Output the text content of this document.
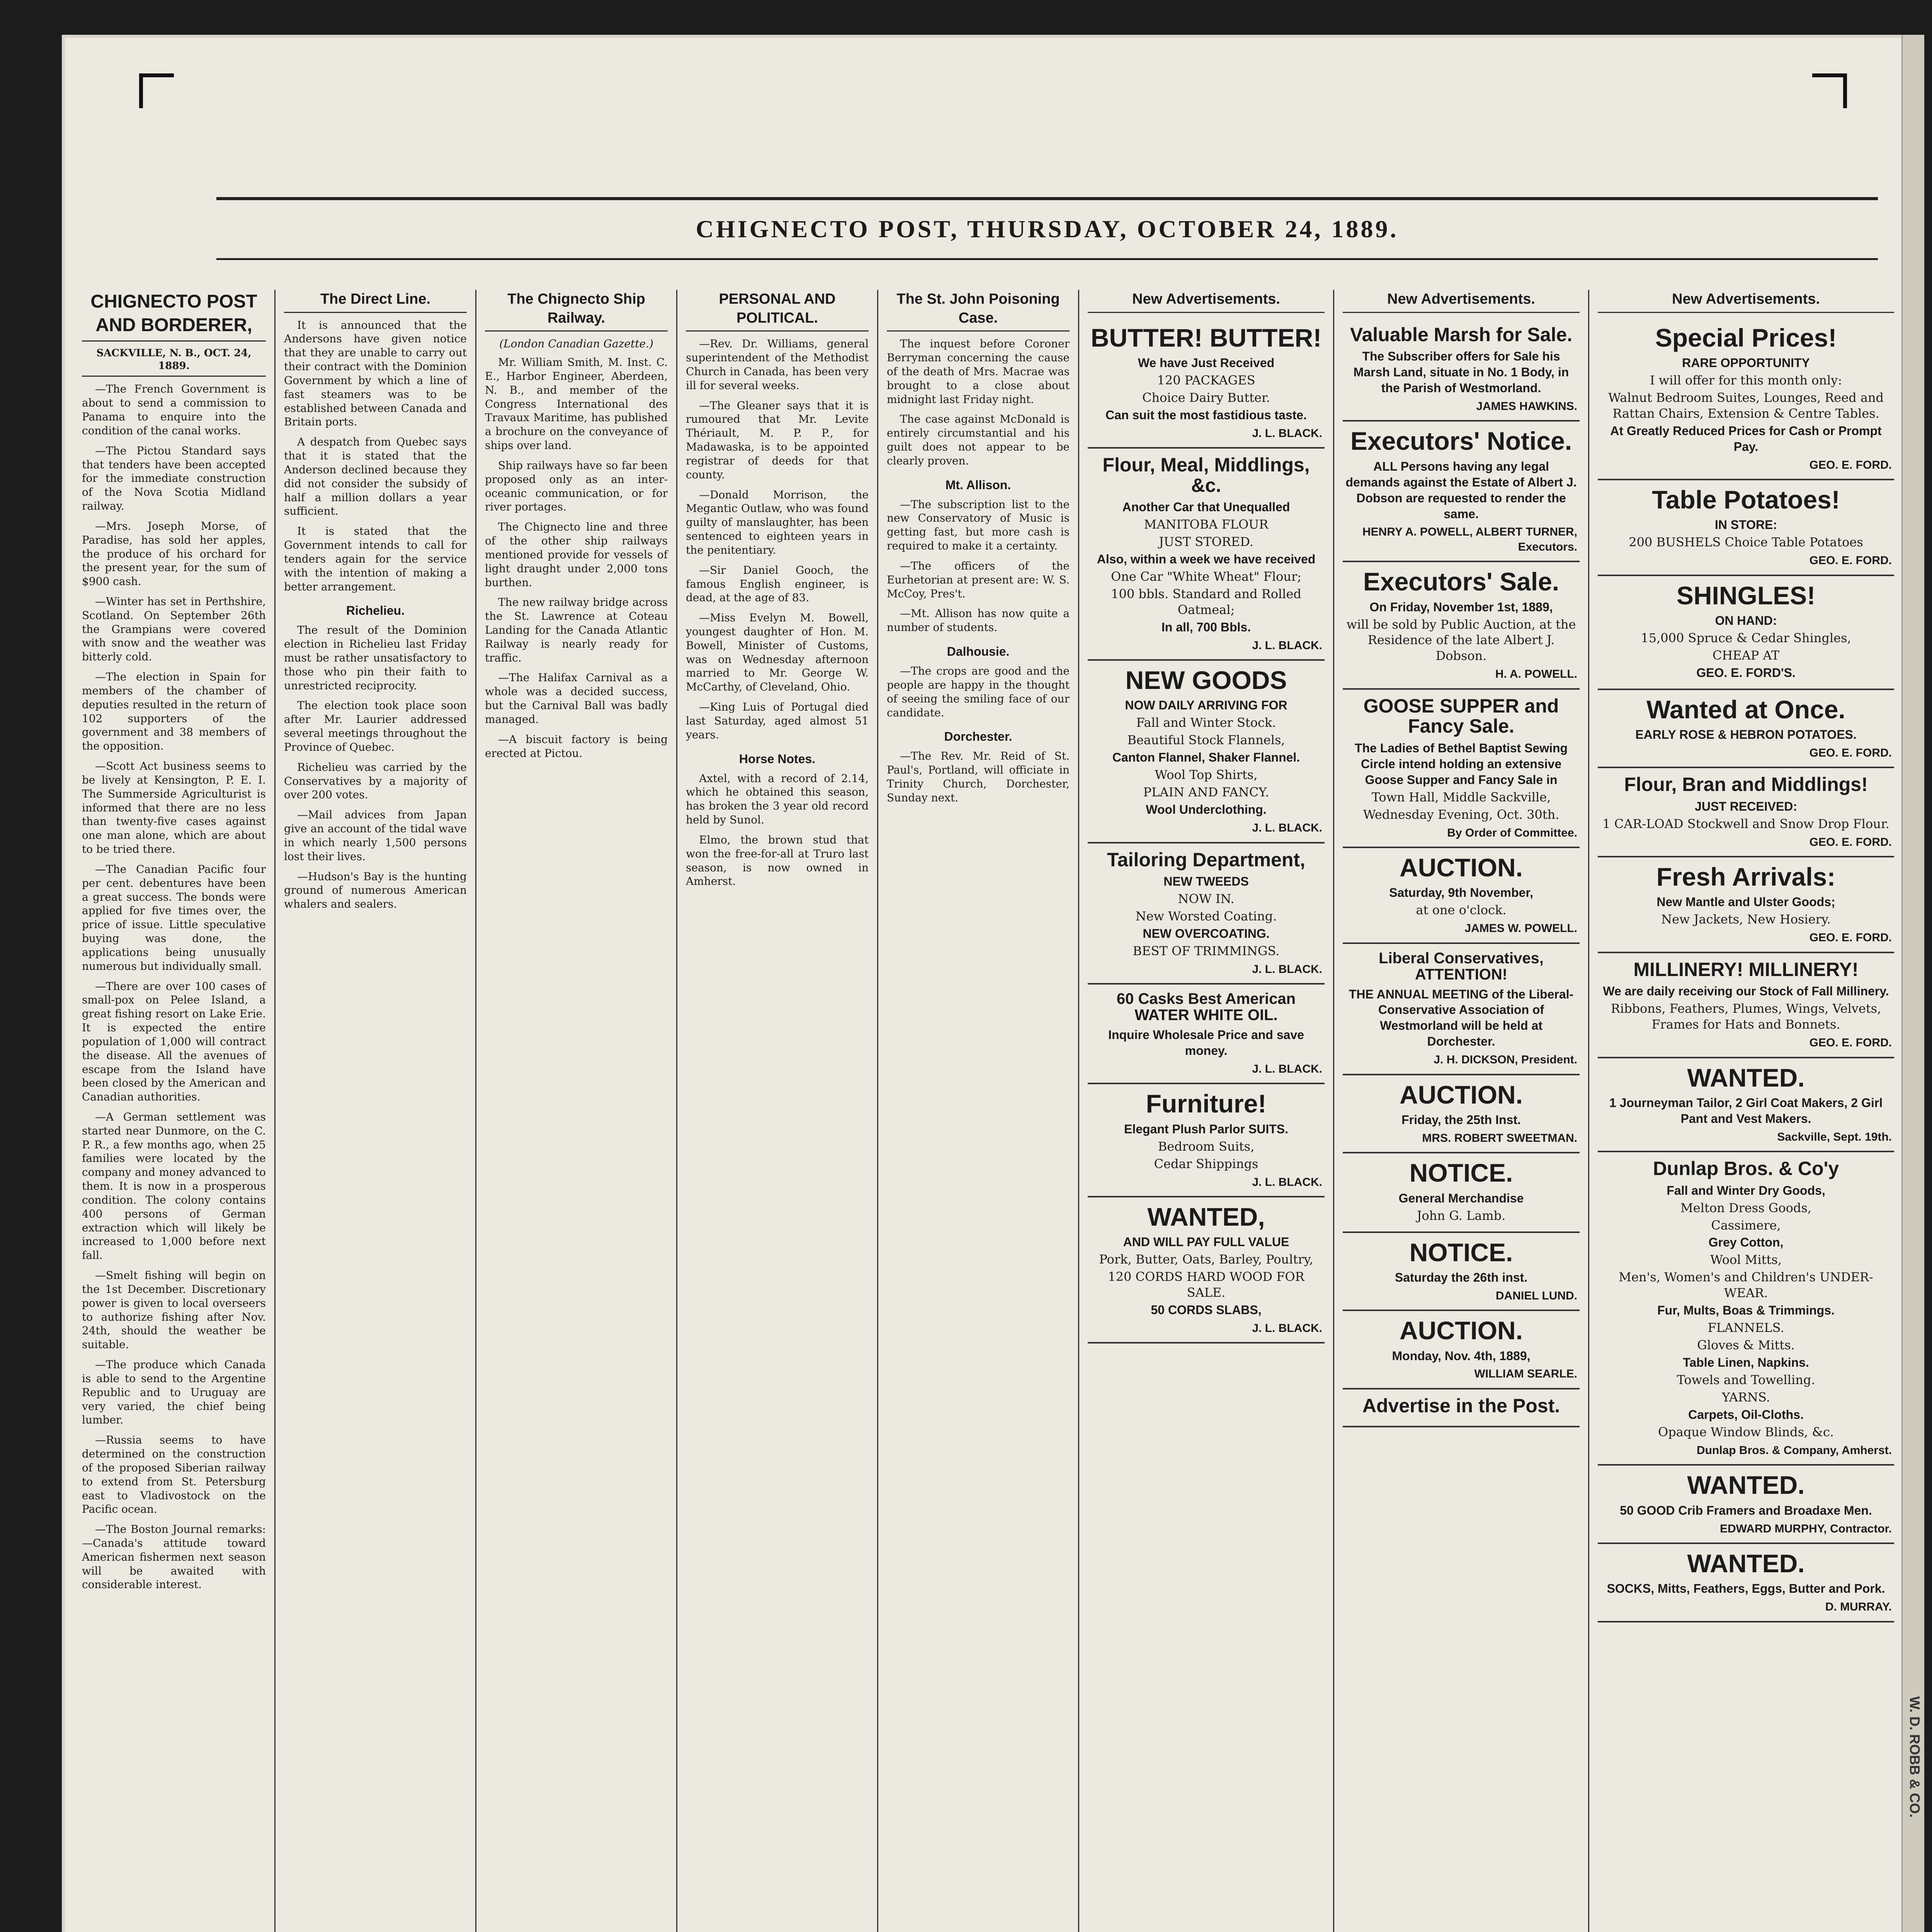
CHIGNECTO POST, THURSDAY, OCTOBER 24, 1889.
CHIGNECTO POST AND BORDERER,
SACKVILLE, N. B., OCT. 24, 1889.

—The French Government is about to send a commission to Panama to enquire into the condition of the canal works.

—The Pictou Standard says that tenders have been accepted for the immediate construction of the Nova Scotia Midland railway.

—Mrs. Joseph Morse, of Paradise, has sold her apples, the produce of his orchard for the present year, for the sum of $900 cash.

—Winter has set in Perthshire, Scotland. On September 26th the Grampians were covered with snow and the weather was bitterly cold.

—The election in Spain for members of the chamber of deputies resulted in the return of 102 supporters of the government and 38 members of the opposition.

—Scott Act business seems to be lively at Kensington, P. E. I. The Summerside Agriculturist is informed that there are no less than twenty-five cases against one man alone, which are about to be tried there.

—The Canadian Pacific four per cent. debentures have been a great success. The bonds were applied for five times over, the price of issue. Little speculative buying was done, the applications being unusually numerous but individually small.

—There are over 100 cases of small-pox on Pelee Island, a great fishing resort on Lake Erie. It is expected the entire population of 1,000 will contract the disease. All the avenues of escape from the Island have been closed by the American and Canadian authorities.

—A German settlement was started near Dunmore, on the C. P. R., a few months ago, when 25 families were located by the company and money advanced to them. It is now in a prosperous condition. The colony contains 400 persons of German extraction which will likely be increased to 1,000 before next fall.

—Smelt fishing will begin on the 1st December. Discretionary power is given to local overseers to authorize fishing after Nov. 24th, should the weather be suitable.

—The produce which Canada is able to send to the Argentine Republic and to Uruguay are very varied, the chief being lumber.

—Russia seems to have determined on the construction of the proposed Siberian railway to extend from St. Petersburg east to Vladivostock on the Pacific ocean.

—The Boston Journal remarks:—Canada's attitude toward American fishermen next season will be awaited with considerable interest.

The Direct Line.

It is announced that the Andersons have given notice that they are unable to carry out their contract with the Dominion Government by which a line of fast steamers was to be established between Canada and Britain ports.

A despatch from Quebec says that it is stated that the Anderson declined because they did not consider the subsidy of half a million dollars a year sufficient.

It is stated that the Government intends to call for tenders again for the service with the intention of making a better arrangement.

Richelieu.

The result of the Dominion election in Richelieu last Friday must be rather unsatisfactory to those who pin their faith to unrestricted reciprocity.

The election took place soon after Mr. Laurier addressed several meetings throughout the Province of Quebec.

Richelieu was carried by the Conservatives by a majority of over 200 votes.

—Mail advices from Japan give an account of the tidal wave in which nearly 1,500 persons lost their lives.

—Hudson's Bay is the hunting ground of numerous American whalers and sealers.

The Chignecto Ship Railway.
(London Canadian Gazette.)

Mr. William Smith, M. Inst. C. E., Harbor Engineer, Aberdeen, N. B., and member of the Congress International des Travaux Maritime, has published a brochure on the conveyance of ships over land.

Ship railways have so far been proposed only as an inter-oceanic communication, or for river portages.

The Chignecto line and three of the other ship railways mentioned provide for vessels of light draught under 2,000 tons burthen.

The new railway bridge across the St. Lawrence at Coteau Landing for the Canada Atlantic Railway is nearly ready for traffic.

—The Halifax Carnival as a whole was a decided success, but the Carnival Ball was badly managed.

—A biscuit factory is being erected at Pictou.

PERSONAL AND POLITICAL.

—Rev. Dr. Williams, general superintendent of the Methodist Church in Canada, has been very ill for several weeks.

—The Gleaner says that it is rumoured that Mr. Levite Thériault, M. P. P., for Madawaska, is to be appointed registrar of deeds for that county.

—Donald Morrison, the Megantic Outlaw, who was found guilty of manslaughter, has been sentenced to eighteen years in the penitentiary.

—Sir Daniel Gooch, the famous English engineer, is dead, at the age of 83.

—Miss Evelyn M. Bowell, youngest daughter of Hon. M. Bowell, Minister of Customs, was on Wednesday afternoon married to Mr. George W. McCarthy, of Cleveland, Ohio.

—King Luis of Portugal died last Saturday, aged almost 51 years.

Horse Notes.

Axtel, with a record of 2.14, which he obtained this season, has broken the 3 year old record held by Sunol.

Elmo, the brown stud that won the free-for-all at Truro last season, is now owned in Amherst.

The St. John Poisoning Case.

The inquest before Coroner Berryman concerning the cause of the death of Mrs. Macrae was brought to a close about midnight last Friday night.

The case against McDonald is entirely circumstantial and his guilt does not appear to be clearly proven.

Mt. Allison.

—The subscription list to the new Conservatory of Music is getting fast, but more cash is required to make it a certainty.

—The officers of the Eurhetorian at present are: W. S. McCoy, Pres't.

—Mt. Allison has now quite a number of students.

Dalhousie.

—The crops are good and the people are happy in the thought of seeing the smiling face of our candidate.

Dorchester.

—The Rev. Mr. Reid of St. Paul's, Portland, will officiate in Trinity Church, Dorchester, Sunday next.

New Advertisements.
BUTTER! BUTTER!
We have Just Received
120 PACKAGES
Choice Dairy Butter.
Can suit the most fastidious taste.
J. L. BLACK.
Flour, Meal, Middlings, &c.
Another Car that Unequalled
MANITOBA FLOUR
JUST STORED.
Also, within a week we have received
One Car "White Wheat" Flour;
100 bbls. Standard and Rolled Oatmeal;
In all, 700 Bbls.
J. L. BLACK.
NEW GOODS
NOW DAILY ARRIVING FOR
Fall and Winter Stock.
Beautiful Stock Flannels,
Canton Flannel, Shaker Flannel.
Wool Top Shirts,
PLAIN AND FANCY.
Wool Underclothing.
J. L. BLACK.
Tailoring Department,
NEW TWEEDS
NOW IN.
New Worsted Coating.
NEW OVERCOATING.
BEST OF TRIMMINGS.
J. L. BLACK.
60 Casks Best American WATER WHITE OIL.
Inquire Wholesale Price and save money.
J. L. BLACK.
Furniture!
Elegant Plush Parlor SUITS.
Bedroom Suits,
Cedar Shippings
J. L. BLACK.
WANTED,
AND WILL PAY FULL VALUE
Pork, Butter, Oats, Barley, Poultry,
120 CORDS HARD WOOD FOR SALE.
50 CORDS SLABS,
J. L. BLACK.
New Advertisements.
Valuable Marsh for Sale.
The Subscriber offers for Sale his Marsh Land, situate in No. 1 Body, in the Parish of Westmorland.
JAMES HAWKINS.
Executors' Notice.
ALL Persons having any legal demands against the Estate of Albert J. Dobson are requested to render the same.
HENRY A. POWELL, ALBERT TURNER, Executors.
Executors' Sale.
On Friday, November 1st, 1889,
will be sold by Public Auction, at the Residence of the late Albert J. Dobson.
H. A. POWELL.
GOOSE SUPPER and Fancy Sale.
The Ladies of Bethel Baptist Sewing Circle intend holding an extensive Goose Supper and Fancy Sale in
Town Hall, Middle Sackville,
Wednesday Evening, Oct. 30th.
By Order of Committee.
AUCTION.
Saturday, 9th November,
at one o'clock.
JAMES W. POWELL.
Liberal Conservatives, ATTENTION!
THE ANNUAL MEETING of the Liberal-Conservative Association of Westmorland will be held at Dorchester.
J. H. DICKSON, President.
AUCTION.
Friday, the 25th Inst.
MRS. ROBERT SWEETMAN.
NOTICE.
General Merchandise
John G. Lamb.
NOTICE.
Saturday the 26th inst.
DANIEL LUND.
AUCTION.
Monday, Nov. 4th, 1889,
WILLIAM SEARLE.
Advertise in the Post.
New Advertisements.
Special Prices!
RARE OPPORTUNITY
I will offer for this month only:
Walnut Bedroom Suites, Lounges, Reed and Rattan Chairs, Extension & Centre Tables.
At Greatly Reduced Prices for Cash or Prompt Pay.
GEO. E. FORD.
Table Potatoes!
IN STORE:
200 BUSHELS Choice Table Potatoes
GEO. E. FORD.
SHINGLES!
ON HAND:
15,000 Spruce & Cedar Shingles,
CHEAP AT
GEO. E. FORD'S.
Wanted at Once.
EARLY ROSE & HEBRON POTATOES.
GEO. E. FORD.
Flour, Bran and Middlings!
JUST RECEIVED:
1 CAR-LOAD Stockwell and Snow Drop Flour.
GEO. E. FORD.
Fresh Arrivals:
New Mantle and Ulster Goods;
New Jackets, New Hosiery.
GEO. E. FORD.
MILLINERY! MILLINERY!
We are daily receiving our Stock of Fall Millinery.
Ribbons, Feathers, Plumes, Wings, Velvets, Frames for Hats and Bonnets.
GEO. E. FORD.
WANTED.
1 Journeyman Tailor, 2 Girl Coat Makers, 2 Girl Pant and Vest Makers.
Sackville, Sept. 19th.
Dunlap Bros. & Co'y
Fall and Winter Dry Goods,
Melton Dress Goods,
Cassimere,
Grey Cotton,
Wool Mitts,
Men's, Women's and Children's UNDER-WEAR.
Fur, Mults, Boas & Trimmings.
FLANNELS.
Gloves & Mitts.
Table Linen, Napkins.
Towels and Towelling.
YARNS.
Carpets, Oil-Cloths.
Opaque Window Blinds, &c.
Dunlap Bros. & Company, Amherst.
WANTED.
50 GOOD Crib Framers and Broadaxe Men.
EDWARD MURPHY, Contractor.
WANTED.
SOCKS, Mitts, Feathers, Eggs, Butter and Pork.
D. MURRAY.
W. D. ROBB & CO.
